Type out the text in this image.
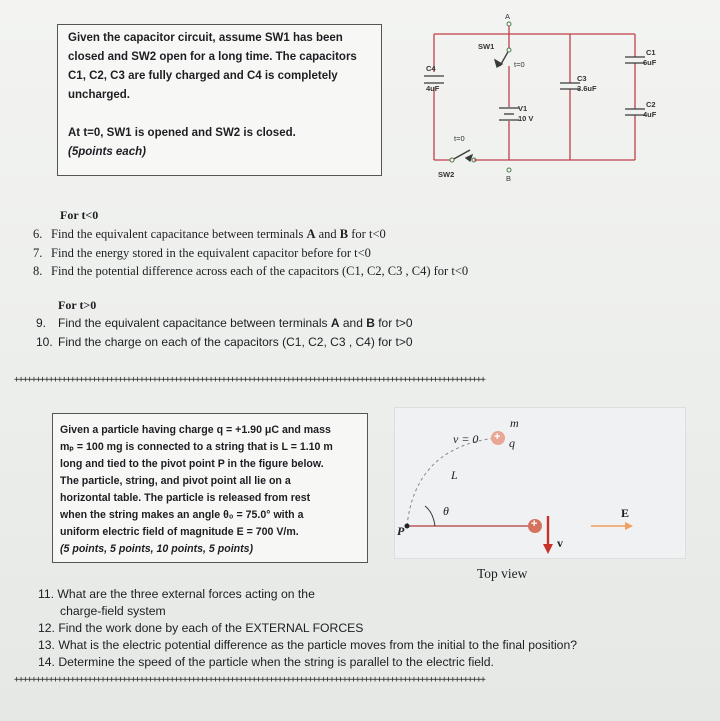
Given the capacitor circuit, assume SW1 has been

closed and SW2 open for a long time. The capacitors

C1, C2, C3 are fully charged and C4 is completely

uncharged.

At t=0, SW1 is opened and SW2 is closed.

(5points each)

A
B
SW1
t=0
SW2
t=0
V1
10 V
C4
4uF
C3
3.6uF
C1
6uF
C2
4uF
For t<0
6. Find the equivalent capacitance between terminals A and B for t<0
7. Find the energy stored in the equivalent capacitor before for t<0
8. Find the potential difference across each of the capacitors (C1, C2, C3 , C4) for t<0
For t>0
9. Find the equivalent capacitance between terminals A and B for t>0
10. Find the charge on each of the capacitors (C1, C2, C3 , C4) for t>0
+++++++++++++++++++++++++++++++++++++++++++++++++++++++++++++++++++++++++++++++++++++++++++++++++++++++++++++

Given a particle having charge q = +1.90 μC and mass

mₚ = 100 mg is connected to a string that is L = 1.10 m

long and tied to the pivot point P in the figure below.

The particle, string, and pivot point all lie on a

horizontal table. The particle is released from rest

when the string makes an angle θ₀ = 75.0° with a

uniform electric field of magnitude E = 700 V/m.

(5 points, 5 points, 10 points, 5 points)

m
v = 0 + q
L
θ
P	+
E
v
Top view
11. What are the three external forces acting on the
charge-field system
12. Find the work done by each of the EXTERNAL FORCES
13. What is the electric potential difference as the particle moves from the initial to the final position?
14. Determine the speed of the particle when the string is parallel to the electric field.
+++++++++++++++++++++++++++++++++++++++++++++++++++++++++++++++++++++++++++++++++++++++++++++++++++++++++++++
